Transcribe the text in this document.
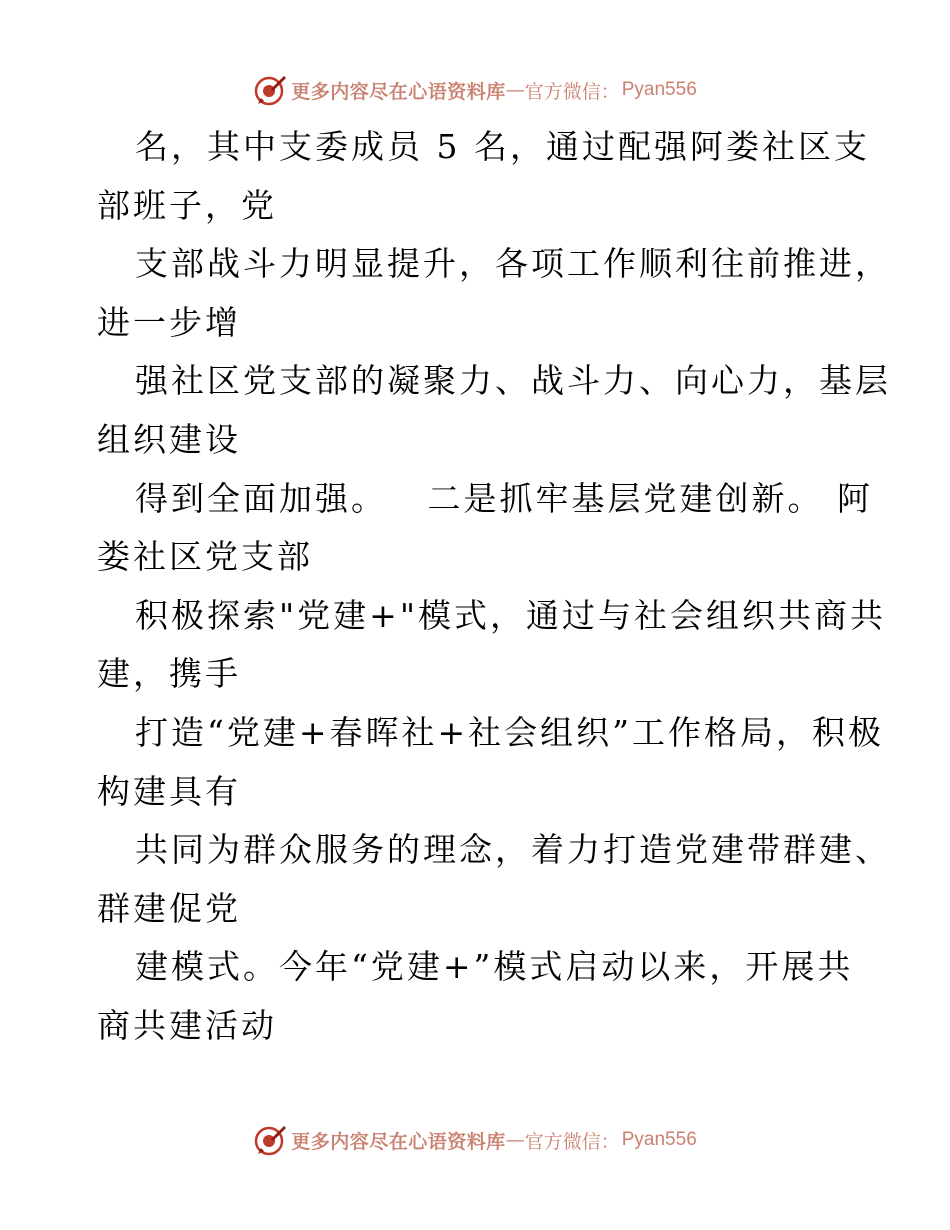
更多内容尽在心语资料库 — 官方微信： Pyan556
名，其中支委成员 5 名，通过配强阿娄社区支
部班子，党
支部战斗力明显提升，各项工作顺利往前推进，
进一步增
强社区党支部的凝聚力、战斗力、向心力，基层
组织建设
得到全面加强。   二是抓牢基层党建创新。 阿
娄社区党支部
积极探索"党建+"模式，通过与社会组织共商共
建，携手
打造“党建+春晖社+社会组织”工作格局，积极
构建具有
共同为群众服务的理念，着力打造党建带群建、
群建促党
建模式。今年“党建+”模式启动以来，开展共
商共建活动
更多内容尽在心语资料库 — 官方微信： Pyan556
